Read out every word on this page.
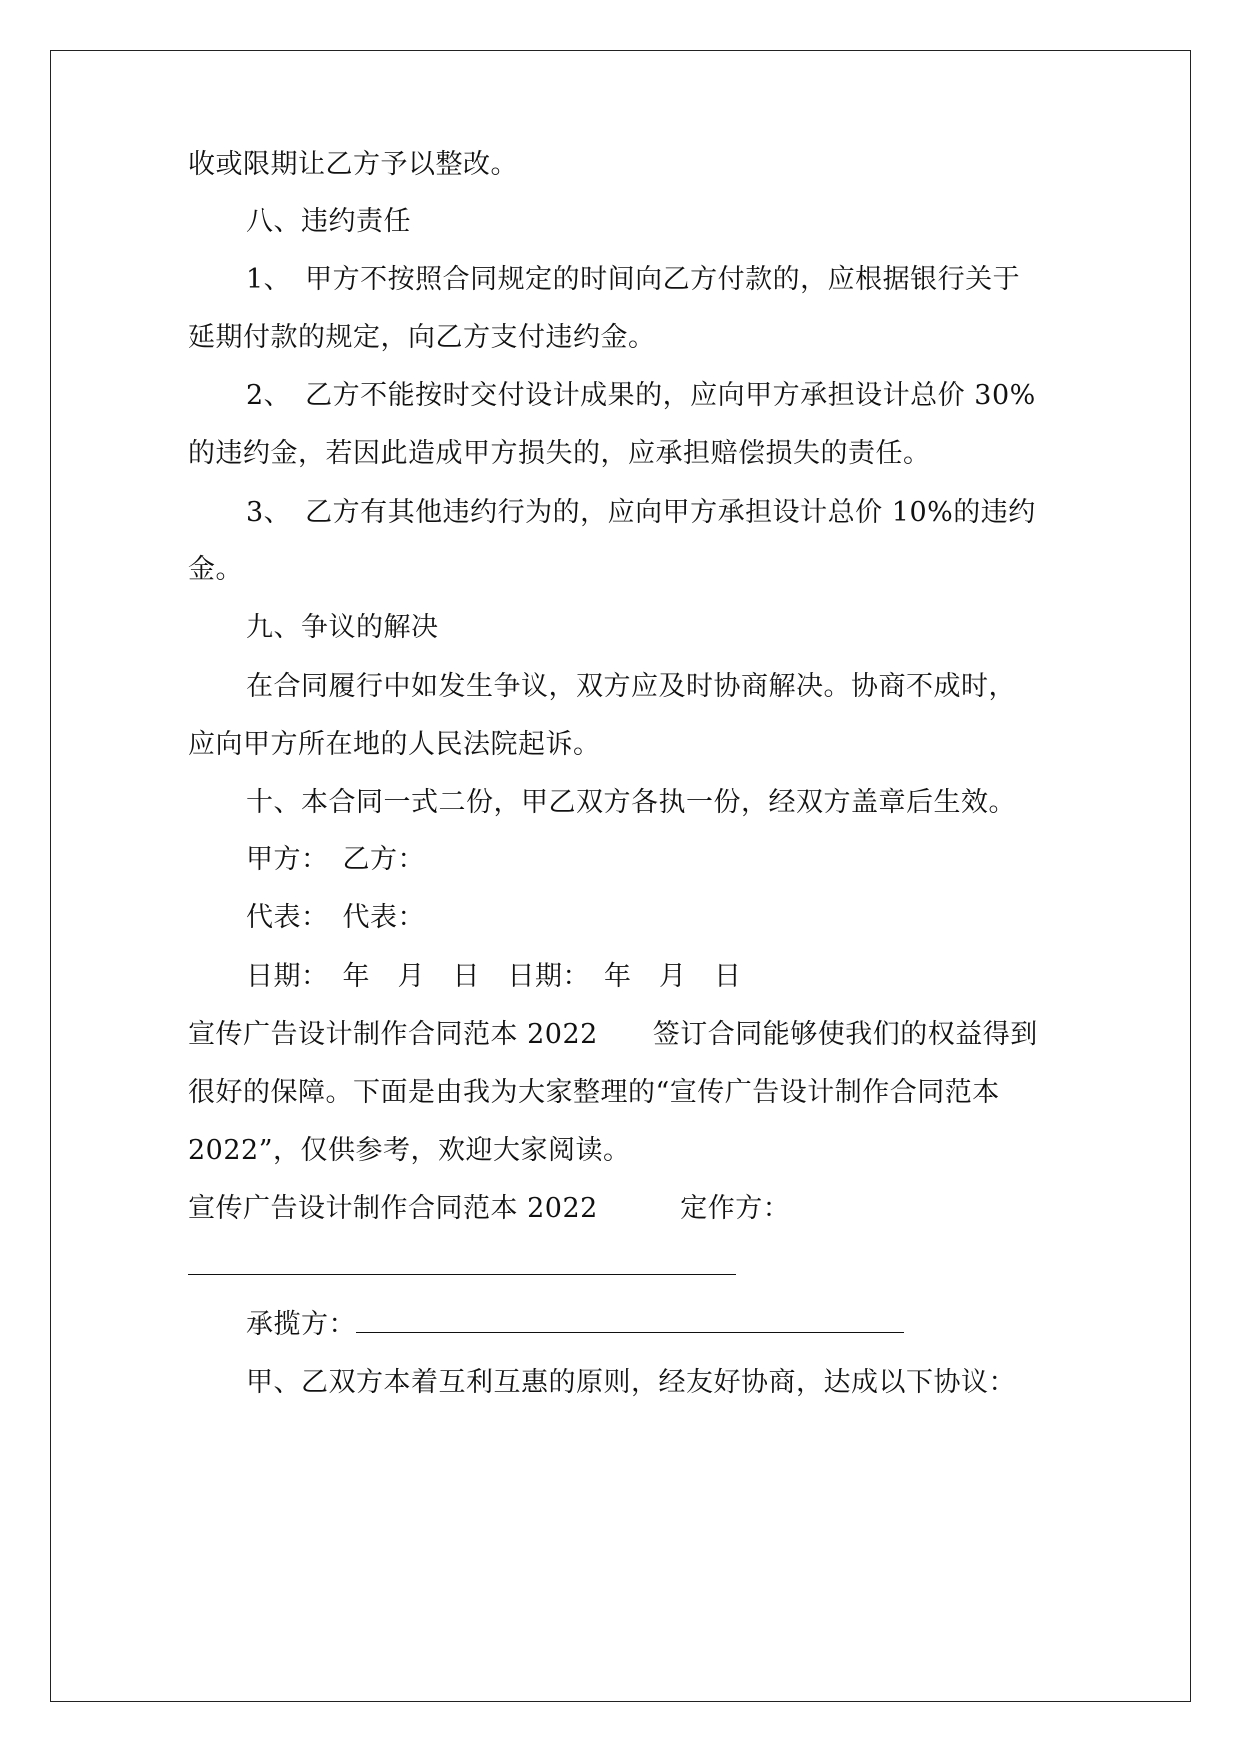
收或限期让乙方予以整改。

八、违约责任

1、　甲方不按照合同规定的时间向乙方付款的，应根据银行关于

延期付款的规定，向乙方支付违约金。

2、　乙方不能按时交付设计成果的，应向甲方承担设计总价 30%

的违约金，若因此造成甲方损失的，应承担赔偿损失的责任。

3、　乙方有其他违约行为的，应向甲方承担设计总价 10%的违约

金。

九、争议的解决

在合同履行中如发生争议，双方应及时协商解决。协商不成时，

应向甲方所在地的人民法院起诉。

十、本合同一式二份，甲乙双方各执一份，经双方盖章后生效。

甲方：　乙方：

代表：　代表：

日期：　年　月　日　日期：　年　月　日

宣传广告设计制作合同范本 2022　　签订合同能够使我们的权益得到

很好的保障。下面是由我为大家整理的“宣传广告设计制作合同范本

2022”，仅供参考，欢迎大家阅读。

宣传广告设计制作合同范本 2022　　　定作方：

承揽方：

甲、乙双方本着互利互惠的原则，经友好协商，达成以下协议：
